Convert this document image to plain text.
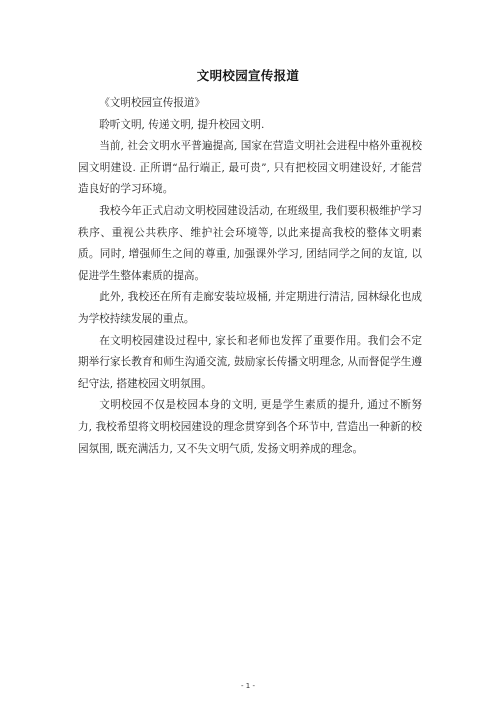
文明校园宣传报道

《文明校园宣传报道》

聆听文明, 传递文明, 提升校园文明.

当前, 社会文明水平普遍提高, 国家在营造文明社会进程中格外重视校园文明建设. 正所谓“品行端正, 最可贵”, 只有把校园文明建设好, 才能营造良好的学习环境。

我校今年正式启动文明校园建设活动, 在班级里, 我们要积极维护学习秩序、重视公共秩序、维护社会环境等, 以此来提高我校的整体文明素质。同时, 增强师生之间的尊重, 加强课外学习, 团结同学之间的友谊, 以促进学生整体素质的提高。

此外, 我校还在所有走廊安装垃圾桶, 并定期进行清洁, 园林绿化也成为学校持续发展的重点。

在文明校园建设过程中, 家长和老师也发挥了重要作用。我们会不定期举行家长教育和师生沟通交流, 鼓励家长传播文明理念, 从而督促学生遵纪守法, 搭建校园文明氛围。

文明校园不仅是校园本身的文明, 更是学生素质的提升, 通过不断努力, 我校希望将文明校园建设的理念贯穿到各个环节中, 营造出一种新的校园氛围, 既充满活力, 又不失文明气质, 发扬文明养成的理念。

- 1 -
